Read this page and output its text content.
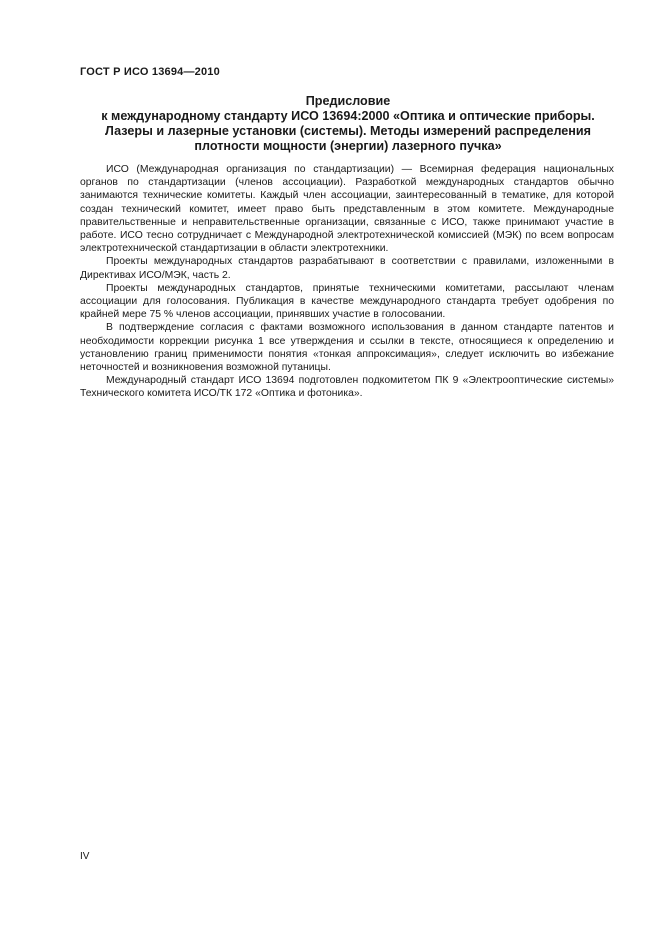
ГОСТ Р ИСО 13694—2010
Предисловие
к международному стандарту ИСО 13694:2000 «Оптика и оптические приборы.
Лазеры и лазерные установки (системы). Методы измерений распределения
плотности мощности (энергии) лазерного пучка»

ИСО (Международная организация по стандартизации) — Всемирная федерация национальных органов по стандартизации (членов ассоциации). Разработкой международных стандартов обычно занимаются технические комитеты. Каждый член ассоциации, заинтересованный в тематике, для которой создан технический комитет, имеет право быть представленным в этом комитете. Международные правительственные и неправительственные организации, связанные с ИСО, также принимают участие в работе. ИСО тесно сотрудничает с Международной электротехнической комиссией (МЭК) по всем вопросам электротехнической стандартизации в области электротехники.

Проекты международных стандартов разрабатывают в соответствии с правилами, изложенными в Директивах ИСО/МЭК, часть 2.

Проекты международных стандартов, принятые техническими комитетами, рассылают членам ассоциации для голосования. Публикация в качестве международного стандарта требует одобрения по крайней мере 75 % членов ассоциации, принявших участие в голосовании.

В подтверждение согласия с фактами возможного использования в данном стандарте патентов и необходимости коррекции рисунка 1 все утверждения и ссылки в тексте, относящиеся к определению и установлению границ применимости понятия «тонкая аппроксимация», следует исключить во избежание неточностей и возникновения возможной путаницы.

Международный стандарт ИСО 13694 подготовлен подкомитетом ПК 9 «Электрооптические системы» Технического комитета ИСО/ТК 172 «Оптика и фотоника».

IV
